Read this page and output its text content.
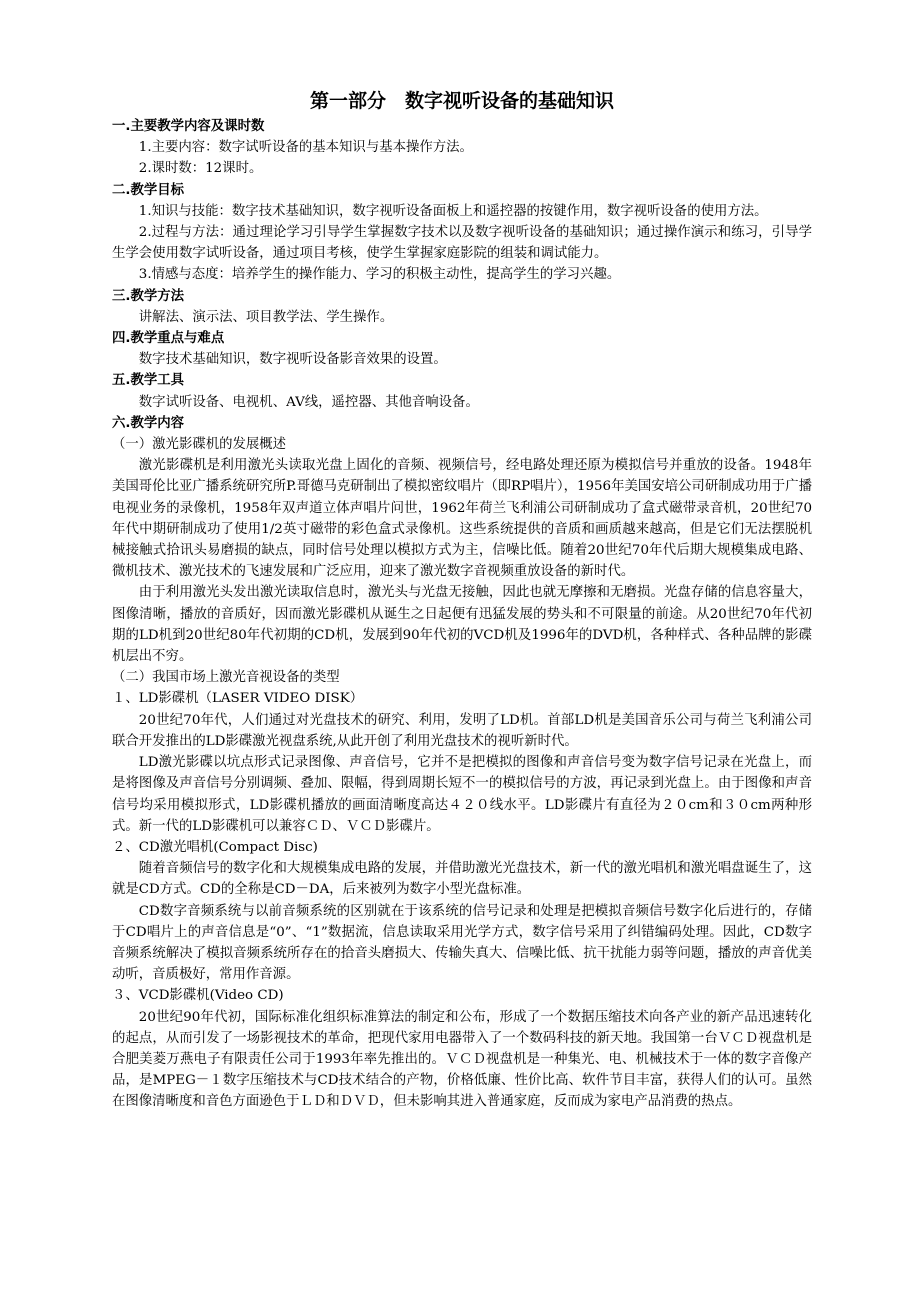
第一部分　数字视听设备的基础知识
一.主要教学内容及课时数
1.主要内容：数字试听设备的基本知识与基本操作方法。
2.课时数：12课时。
二.教学目标
1.知识与技能：数字技术基础知识，数字视听设备面板上和遥控器的按键作用，数字视听设备的使用方法。
2.过程与方法：通过理论学习引导学生掌握数字技术以及数字视听设备的基础知识；通过操作演示和练习，引导学生学会使用数字试听设备，通过项目考核，使学生掌握家庭影院的组装和调试能力。
3.情感与态度：培养学生的操作能力、学习的积极主动性，提高学生的学习兴趣。
三.教学方法
讲解法、演示法、项目教学法、学生操作。
四.教学重点与难点
数字技术基础知识，数字视听设备影音效果的设置。
五.教学工具
数字试听设备、电视机、AV线，遥控器、其他音响设备。
六.教学内容
（一）激光影碟机的发展概述
激光影碟机是利用激光头读取光盘上固化的音频、视频信号，经电路处理还原为模拟信号并重放的设备。1948年美国哥伦比亚广播系统研究所P.哥德马克研制出了模拟密纹唱片（即RP唱片），1956年美国安培公司研制成功用于广播电视业务的录像机，1958年双声道立体声唱片问世，1962年荷兰飞利浦公司研制成功了盒式磁带录音机，20世纪70年代中期研制成功了使用1/2英寸磁带的彩色盒式录像机。这些系统提供的音质和画质越来越高，但是它们无法摆脱机械接触式拾讯头易磨损的缺点，同时信号处理以模拟方式为主，信噪比低。随着20世纪70年代后期大规模集成电路、微机技术、激光技术的飞速发展和广泛应用，迎来了激光数字音视频重放设备的新时代。
由于利用激光头发出激光读取信息时，激光头与光盘无接触，因此也就无摩擦和无磨损。光盘存储的信息容量大，图像清晰，播放的音质好，因而激光影碟机从诞生之日起便有迅猛发展的势头和不可限量的前途。从20世纪70年代初期的LD机到20世纪80年代初期的CD机，发展到90年代初的VCD机及1996年的DVD机，各种样式、各种品牌的影碟机层出不穷。
（二）我国市场上激光音视设备的类型
１、LD影碟机（LASER VIDEO DISK）
20世纪70年代，人们通过对光盘技术的研究、利用，发明了LD机。首部LD机是美国音乐公司与荷兰飞利浦公司联合开发推出的LD影碟激光视盘系统,从此开创了利用光盘技术的视听新时代。
LD激光影碟以坑点形式记录图像、声音信号，它并不是把模拟的图像和声音信号变为数字信号记录在光盘上，而是将图像及声音信号分别调频、叠加、限幅，得到周期长短不一的模拟信号的方波，再记录到光盘上。由于图像和声音信号均采用模拟形式，LD影碟机播放的画面清晰度高达４２０线水平。LD影碟片有直径为２０cm和３０cm两种形式。新一代的LD影碟机可以兼容ＣＤ、ＶＣＤ影碟片。
２、CD激光唱机(Compact Disc)
随着音频信号的数字化和大规模集成电路的发展，并借助激光光盘技术，新一代的激光唱机和激光唱盘诞生了，这就是CD方式。CD的全称是CD－DA，后来被列为数字小型光盘标准。
CD数字音频系统与以前音频系统的区别就在于该系统的信号记录和处理是把模拟音频信号数字化后进行的，存储于CD唱片上的声音信息是“0”、“1”数据流，信息读取采用光学方式，数字信号采用了纠错编码处理。因此，CD数字音频系统解决了模拟音频系统所存在的拾音头磨损大、传输失真大、信噪比低、抗干扰能力弱等问题，播放的声音优美动听，音质极好，常用作音源。
３、VCD影碟机(Video CD)
20世纪90年代初，国际标准化组织标准算法的制定和公布，形成了一个数据压缩技术向各产业的新产品迅速转化的起点，从而引发了一场影视技术的革命，把现代家用电器带入了一个数码科技的新天地。我国第一台ＶＣＤ视盘机是合肥美菱万燕电子有限责任公司于1993年率先推出的。ＶＣＤ视盘机是一种集光、电、机械技术于一体的数字音像产品，是MPEG－１数字压缩技术与CD技术结合的产物，价格低廉、性价比高、软件节目丰富，获得人们的认可。虽然在图像清晰度和音色方面逊色于ＬＤ和ＤＶＤ，但未影响其进入普通家庭，反而成为家电产品消费的热点。
